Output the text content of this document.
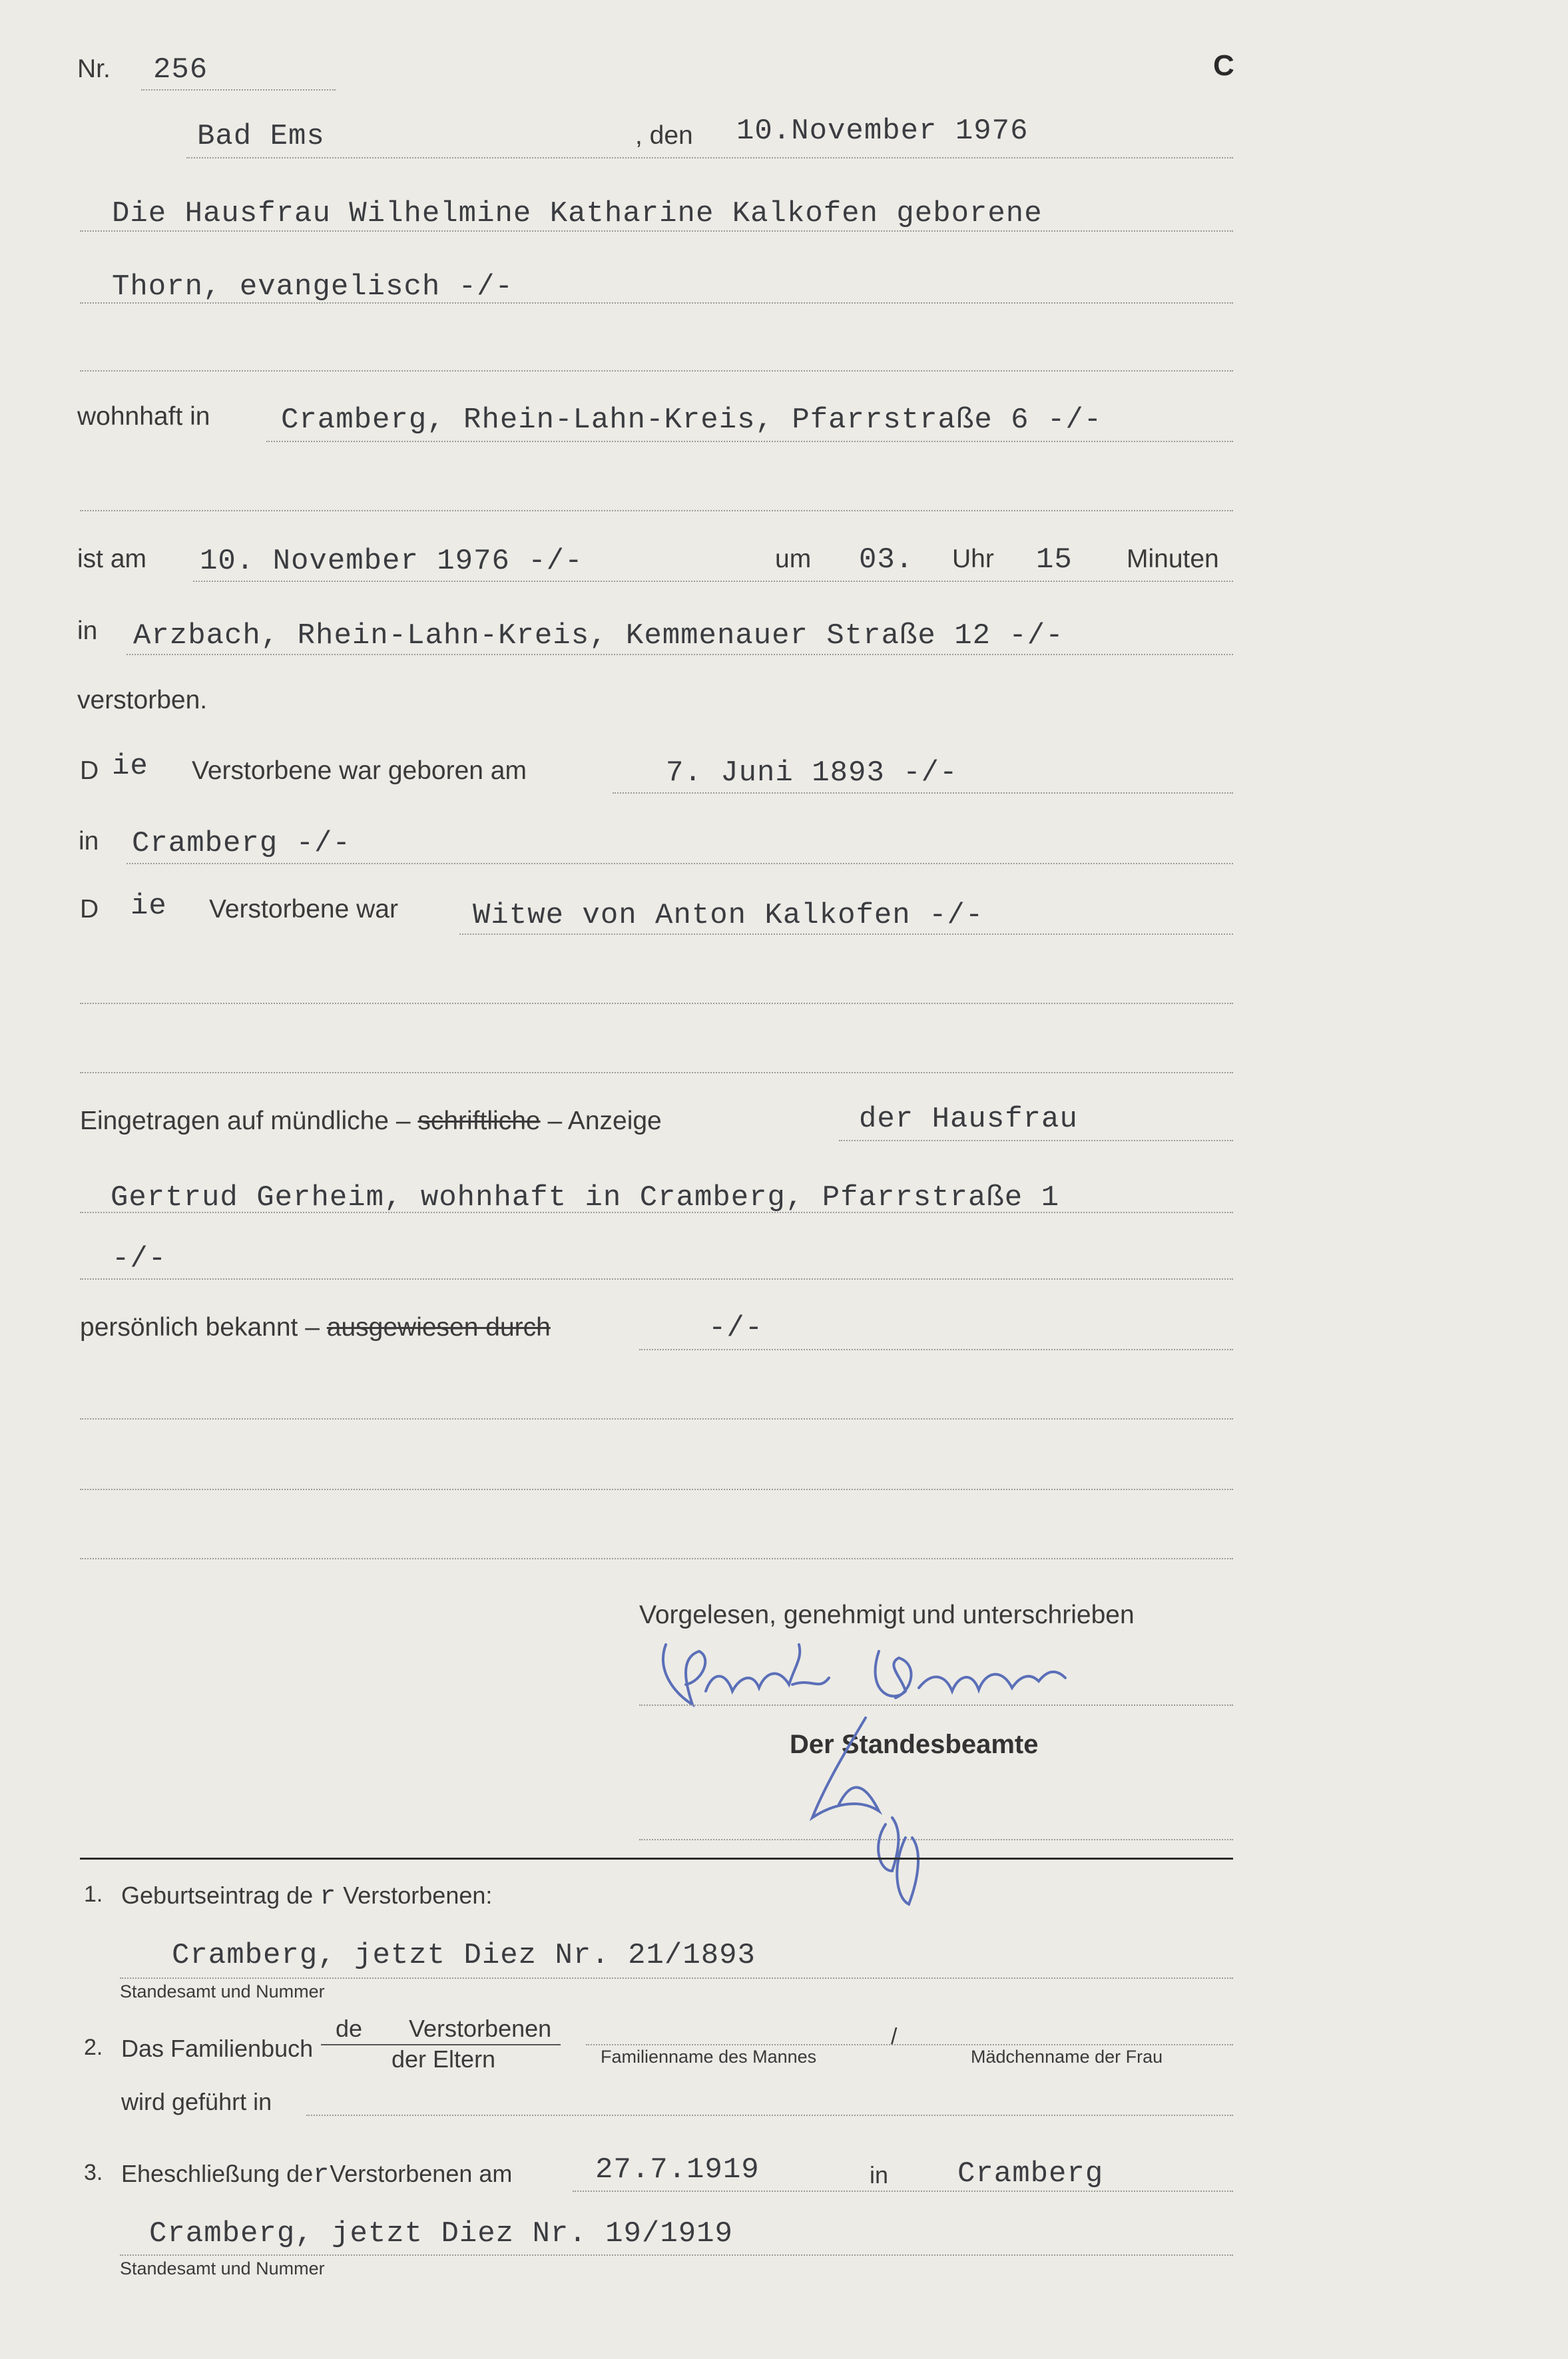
Nr. 256	C
Bad Ems	, den 10.November 1976
Die Hausfrau Wilhelmine Katharine Kalkofen geborene
Thorn, evangelisch -/-
wohnhaft in Cramberg, Rhein-Lahn-Kreis, Pfarrstraße 6 -/-
ist am 10. November 1976 -/-	um 03. Uhr 15 Minuten
in Arzbach, Rhein-Lahn-Kreis, Kemmenauer Straße 12 -/-
verstorben.
D ie Verstorbene war geboren am	7. Juni 1893 -/-
in Cramberg -/-
D ie Verstorbene war	Witwe von Anton Kalkofen -/-
Eingetragen auf mündliche – schriftliche – Anzeige	der Hausfrau
Gertrud Gerheim, wohnhaft in Cramberg, Pfarrstraße 1
-/-
persönlich bekannt – ausgewiesen durch	-/-
Vorgelesen, genehmigt und unterschrieben
Der Standesbeamte
1. Geburtseintrag de r Verstorbenen:
Cramberg, jetzt Diez Nr. 21/1893
Standesamt und Nummer
2. Das Familienbuch
de Verstorbenen
der Eltern	Familienname des Mannes
/
Mädchenname der Frau
wird geführt in
3. Eheschließung derVerstorbenen am	27.7.1919	in Cramberg
Cramberg, jetzt Diez Nr. 19/1919
Standesamt und Nummer
